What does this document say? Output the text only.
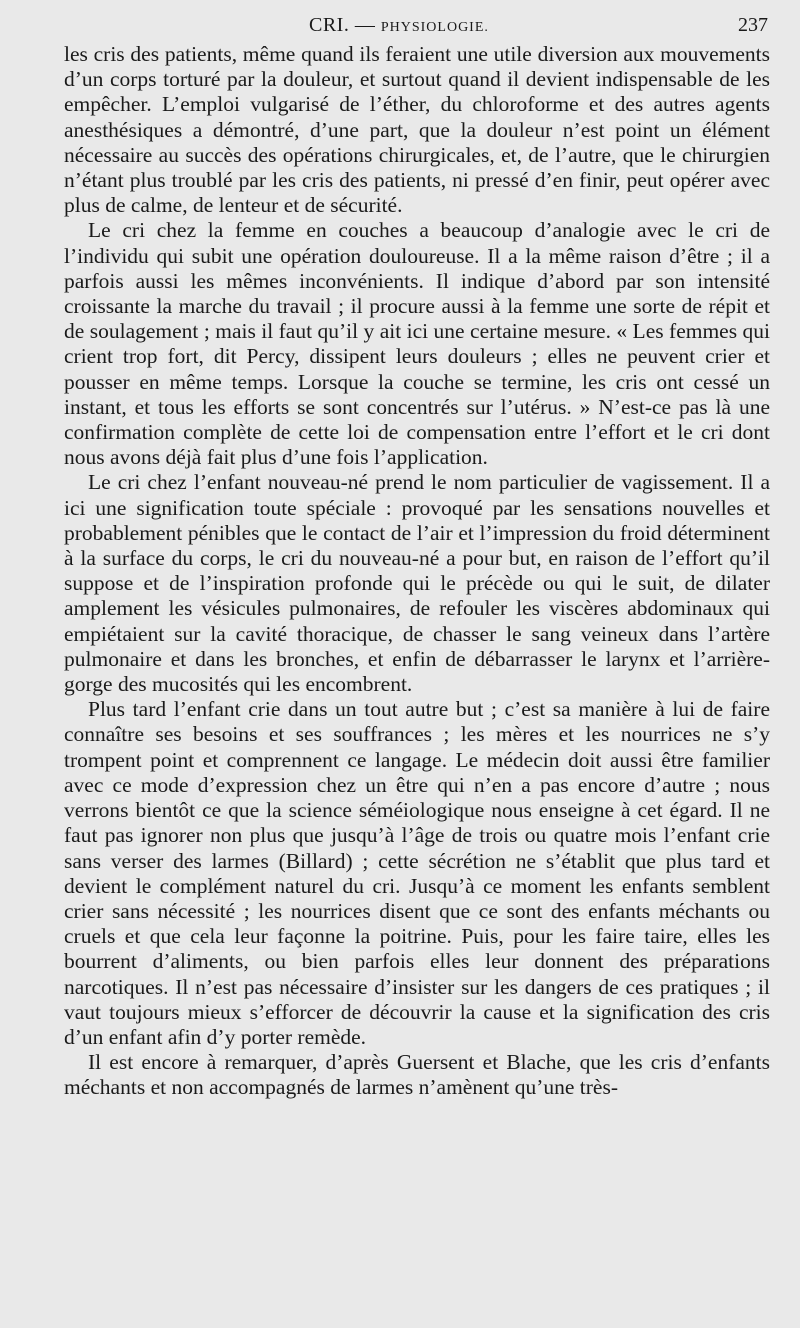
CRI. — PHYSIOLOGIE.	237

les cris des patients, même quand ils feraient une utile diversion aux mouvements d’un corps torturé par la douleur, et surtout quand il devient indispensable de les empêcher. L’emploi vulgarisé de l’éther, du chloroforme et des autres agents anesthésiques a démontré, d’une part, que la douleur n’est point un élément nécessaire au succès des opérations chirurgicales, et, de l’autre, que le chirurgien n’étant plus troublé par les cris des patients, ni pressé d’en finir, peut opérer avec plus de calme, de lenteur et de sécurité.

Le cri chez la femme en couches a beaucoup d’analogie avec le cri de l’individu qui subit une opération douloureuse. Il a la même raison d’être ; il a parfois aussi les mêmes inconvénients. Il indique d’abord par son intensité croissante la marche du travail ; il procure aussi à la femme une sorte de répit et de soulagement ; mais il faut qu’il y ait ici une certaine mesure. « Les femmes qui crient trop fort, dit Percy, dissipent leurs douleurs ; elles ne peuvent crier et pousser en même temps. Lorsque la couche se termine, les cris ont cessé un instant, et tous les efforts se sont concentrés sur l’utérus. » N’est-ce pas là une confirmation complète de cette loi de compensation entre l’effort et le cri dont nous avons déjà fait plus d’une fois l’application.

Le cri chez l’enfant nouveau-né prend le nom particulier de vagissement. Il a ici une signification toute spéciale : provoqué par les sensations nouvelles et probablement pénibles que le contact de l’air et l’impression du froid déterminent à la surface du corps, le cri du nouveau-né a pour but, en raison de l’effort qu’il suppose et de l’inspiration profonde qui le précède ou qui le suit, de dilater amplement les vésicules pulmonaires, de refouler les viscères abdominaux qui empiétaient sur la cavité thoracique, de chasser le sang veineux dans l’artère pulmonaire et dans les bronches, et enfin de débarrasser le larynx et l’arrière-gorge des mucosités qui les encombrent.

Plus tard l’enfant crie dans un tout autre but ; c’est sa manière à lui de faire connaître ses besoins et ses souffrances ; les mères et les nourrices ne s’y trompent point et comprennent ce langage. Le médecin doit aussi être familier avec ce mode d’expression chez un être qui n’en a pas encore d’autre ; nous verrons bientôt ce que la science séméiologique nous enseigne à cet égard. Il ne faut pas ignorer non plus que jusqu’à l’âge de trois ou quatre mois l’enfant crie sans verser des larmes (Billard) ; cette sécrétion ne s’établit que plus tard et devient le complément naturel du cri. Jusqu’à ce moment les enfants semblent crier sans nécessité ; les nourrices disent que ce sont des enfants méchants ou cruels et que cela leur façonne la poitrine. Puis, pour les faire taire, elles les bourrent d’aliments, ou bien parfois elles leur donnent des préparations narcotiques. Il n’est pas nécessaire d’insister sur les dangers de ces pratiques ; il vaut toujours mieux s’efforcer de découvrir la cause et la signification des cris d’un enfant afin d’y porter remède.

Il est encore à remarquer, d’après Guersent et Blache, que les cris d’enfants méchants et non accompagnés de larmes n’amènent qu’une très-
